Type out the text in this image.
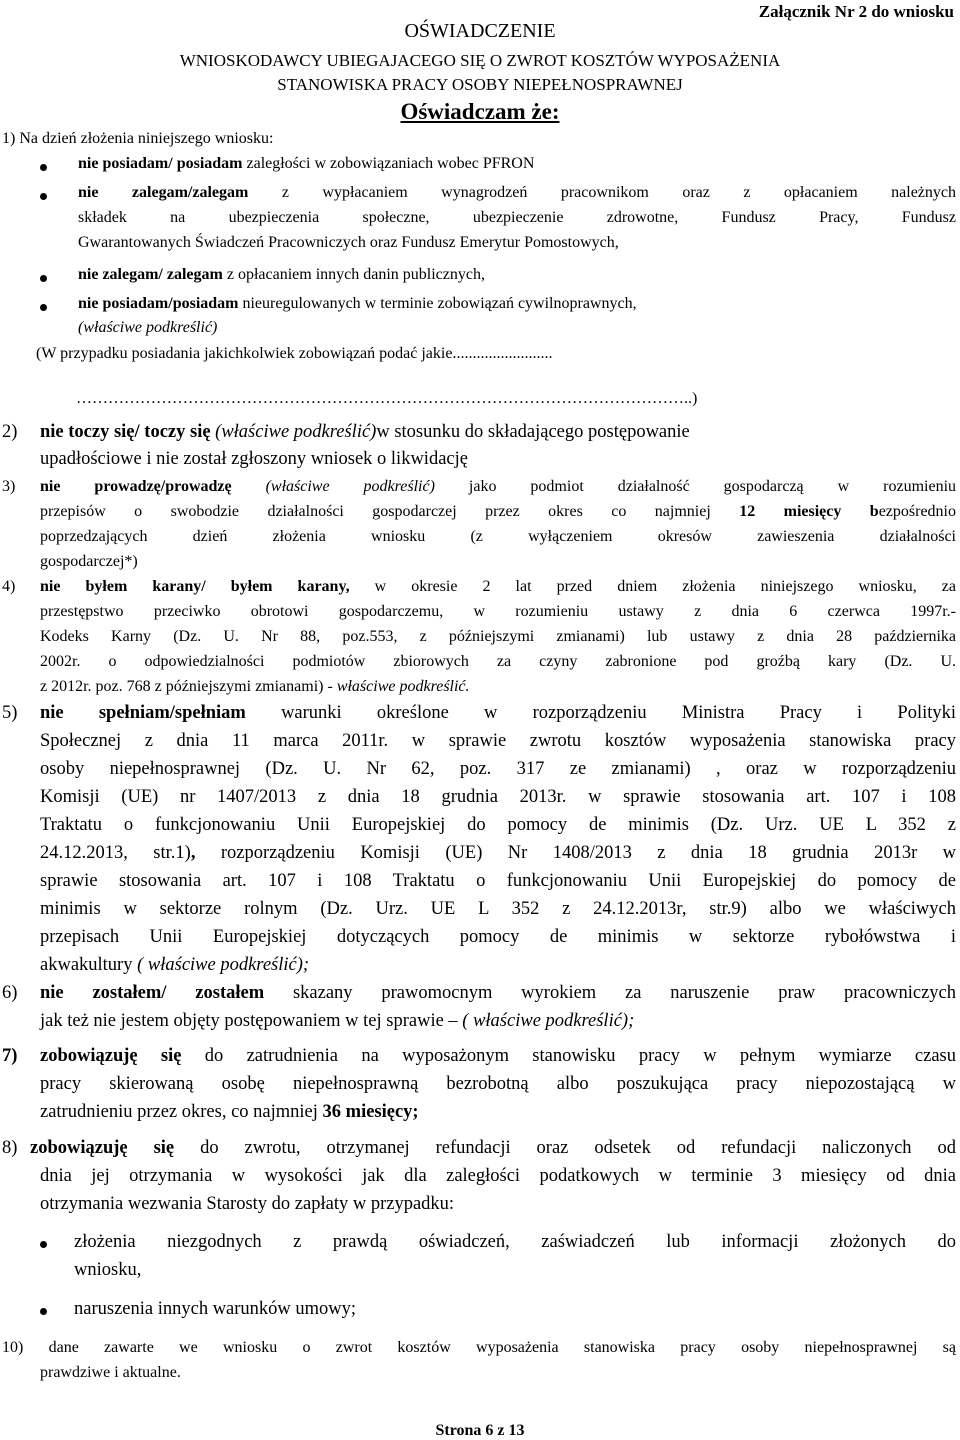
Załącznik Nr 2 do wniosku
OŚWIADCZENIE
WNIOSKODAWCY UBIEGAJACEGO SIĘ O ZWROT KOSZTÓW WYPOSAŻENIA
STANOWISKA PRACY OSOBY NIEPEŁNOSPRAWNEJ
Oświadczam że:
1) Na dzień złożenia niniejszego wniosku:
nie posiadam/ posiadam zaległości w zobowiązaniach wobec PFRON
nie zalegam/zalegam z wypłacaniem wynagrodzeń pracownikom oraz z opłacaniem należnych
składek na ubezpieczenia społeczne, ubezpieczenie zdrowotne, Fundusz Pracy, Fundusz
Gwarantowanych Świadczeń Pracowniczych oraz Fundusz Emerytur Pomostowych,
nie zalegam/ zalegam z opłacaniem innych danin publicznych,
nie posiadam/posiadam nieuregulowanych w terminie zobowiązań cywilnoprawnych,
(właściwe podkreślić)
(W przypadku posiadania jakichkolwiek zobowiązań podać jakie.........................
……………………………………………………………………………………………………..)
2) nie toczy się/ toczy się (właściwe podkreślić)w stosunku do składającego postępowanie
upadłościowe i nie został zgłoszony wniosek o likwidację
3) nie prowadzę/prowadzę (właściwe podkreślić) jako podmiot działalność gospodarczą w rozumieniu
przepisów o swobodzie działalności gospodarczej przez okres co najmniej 12 miesięcy bezpośrednio
poprzedzających dzień złożenia wniosku (z wyłączeniem okresów zawieszenia działalności
gospodarczej*)
4) nie byłem karany/ byłem karany, w okresie 2 lat przed dniem złożenia niniejszego wniosku, za
przestępstwo przeciwko obrotowi gospodarczemu, w rozumieniu ustawy z dnia 6 czerwca 1997r.-
Kodeks Karny (Dz. U. Nr 88, poz.553, z późniejszymi zmianami) lub ustawy z dnia 28 października
2002r. o odpowiedzialności podmiotów zbiorowych za czyny zabronione pod groźbą kary (Dz. U.
z 2012r. poz. 768 z późniejszymi zmianami) - właściwe podkreślić.
5) nie spełniam/spełniam warunki określone w rozporządzeniu Ministra Pracy i Polityki
Społecznej z dnia 11 marca 2011r. w sprawie zwrotu kosztów wyposażenia stanowiska pracy
osoby niepełnosprawnej (Dz. U. Nr 62, poz. 317 ze zmianami) , oraz w rozporządzeniu
Komisji (UE) nr 1407/2013 z dnia 18 grudnia 2013r. w sprawie stosowania art. 107 i 108
Traktatu o funkcjonowaniu Unii Europejskiej do pomocy de minimis (Dz. Urz. UE L 352 z
24.12.2013, str.1), rozporządzeniu Komisji (UE) Nr 1408/2013 z dnia 18 grudnia 2013r w
sprawie stosowania art. 107 i 108 Traktatu o funkcjonowaniu Unii Europejskiej do pomocy de
minimis w sektorze rolnym (Dz. Urz. UE L 352 z 24.12.2013r, str.9) albo we właściwych
przepisach Unii Europejskiej dotyczących pomocy de minimis w sektorze rybołówstwa i
akwakultury ( właściwe podkreślić);
6) nie zostałem/ zostałem skazany prawomocnym wyrokiem za naruszenie praw pracowniczych
jak też nie jestem objęty postępowaniem w tej sprawie – ( właściwe podkreślić);
7) zobowiązuję się do zatrudnienia na wyposażonym stanowisku pracy w pełnym wymiarze czasu
pracy skierowaną osobę niepełnosprawną bezrobotną albo poszukująca pracy niepozostającą w
zatrudnieniu przez okres, co najmniej 36 miesięcy;
8) zobowiązuję się do zwrotu, otrzymanej refundacji oraz odsetek od refundacji naliczonych od
dnia jej otrzymania w wysokości jak dla zaległości podatkowych w terminie 3 miesięcy od dnia
otrzymania wezwania Starosty do zapłaty w przypadku:
złożenia niezgodnych z prawdą oświadczeń, zaświadczeń lub informacji złożonych do
wniosku,
naruszenia innych warunków umowy;
10) dane zawarte we wniosku o zwrot kosztów wyposażenia stanowiska pracy osoby niepełnosprawnej są
prawdziwe i aktualne.
Strona 6 z 13
